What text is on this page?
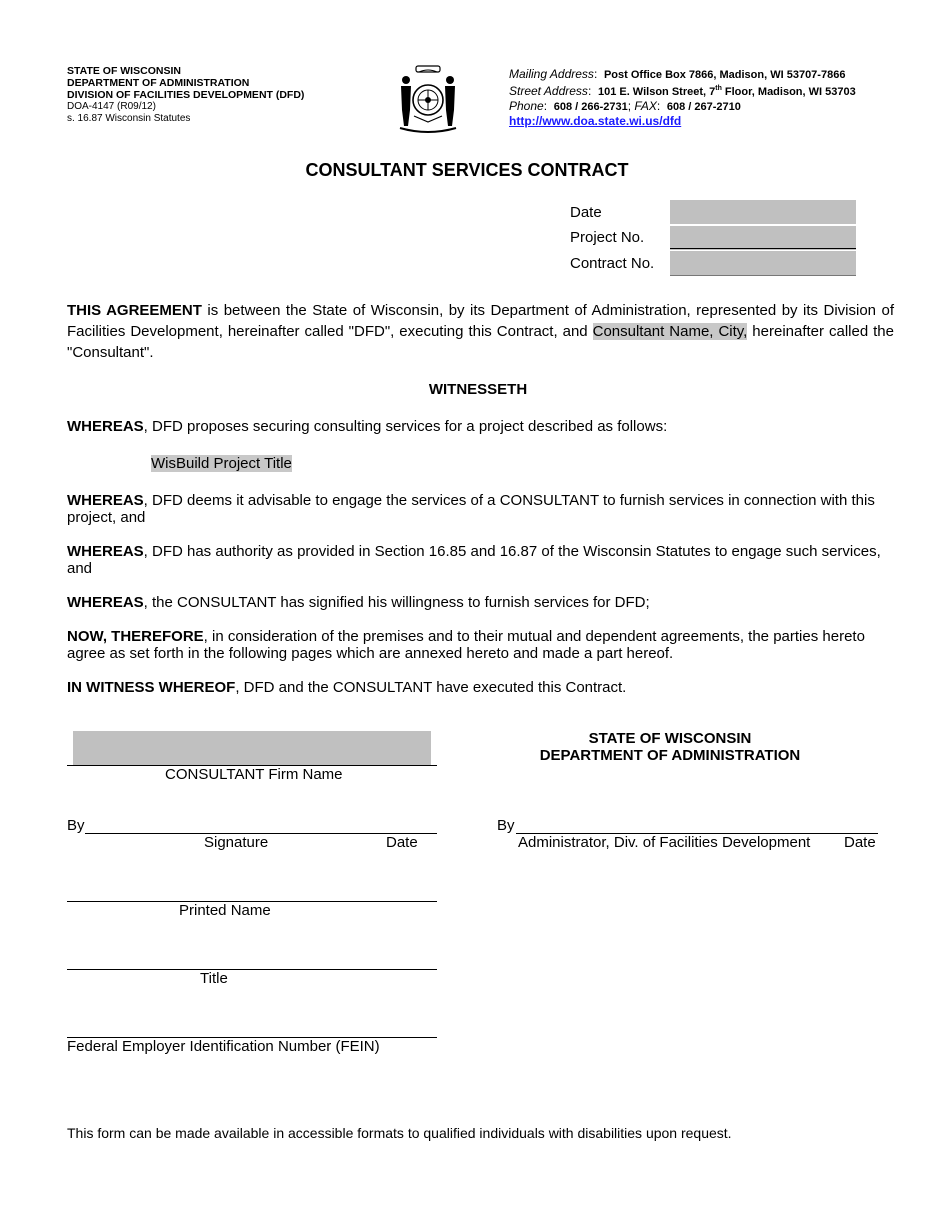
STATE OF WISCONSIN
DEPARTMENT OF ADMINISTRATION
DIVISION OF FACILITIES DEVELOPMENT (DFD)
DOA-4147 (R09/12)
s. 16.87 Wisconsin Statutes
Mailing Address:  Post Office Box 7866, Madison, WI 53707-7866
Street Address:  101 E. Wilson Street, 7th Floor, Madison, WI 53703
Phone:  608 / 266-2731; FAX:  608 / 267-2710
http://www.doa.state.wi.us/dfd
CONSULTANT SERVICES CONTRACT
Date
Project No.
Contract No.
THIS AGREEMENT is between the State of Wisconsin, by its Department of Administration, represented by its Division of Facilities Development, hereinafter called "DFD", executing this Contract, and Consultant Name, City, hereinafter called the "Consultant".
WITNESSETH
WHEREAS, DFD proposes securing consulting services for a project described as follows:
WisBuild Project Title
WHEREAS, DFD deems it advisable to engage the services of a CONSULTANT to furnish services in connection with this project, and
WHEREAS, DFD has authority as provided in Section 16.85 and 16.87 of the Wisconsin Statutes to engage such services, and
WHEREAS, the CONSULTANT has signified his willingness to furnish services for DFD;
NOW, THEREFORE, in consideration of the premises and to their mutual and dependent agreements, the parties hereto agree as set forth in the following pages which are annexed hereto and made a part hereof.
IN WITNESS WHEREOF, DFD and the CONSULTANT have executed this Contract.
CONSULTANT Firm Name
By
Signature	Date
Printed Name
Title
Federal Employer Identification Number (FEIN)
STATE OF WISCONSIN
DEPARTMENT OF ADMINISTRATION
By
Administrator, Div. of Facilities Development Date
This form can be made available in accessible formats to qualified individuals with disabilities upon request.
